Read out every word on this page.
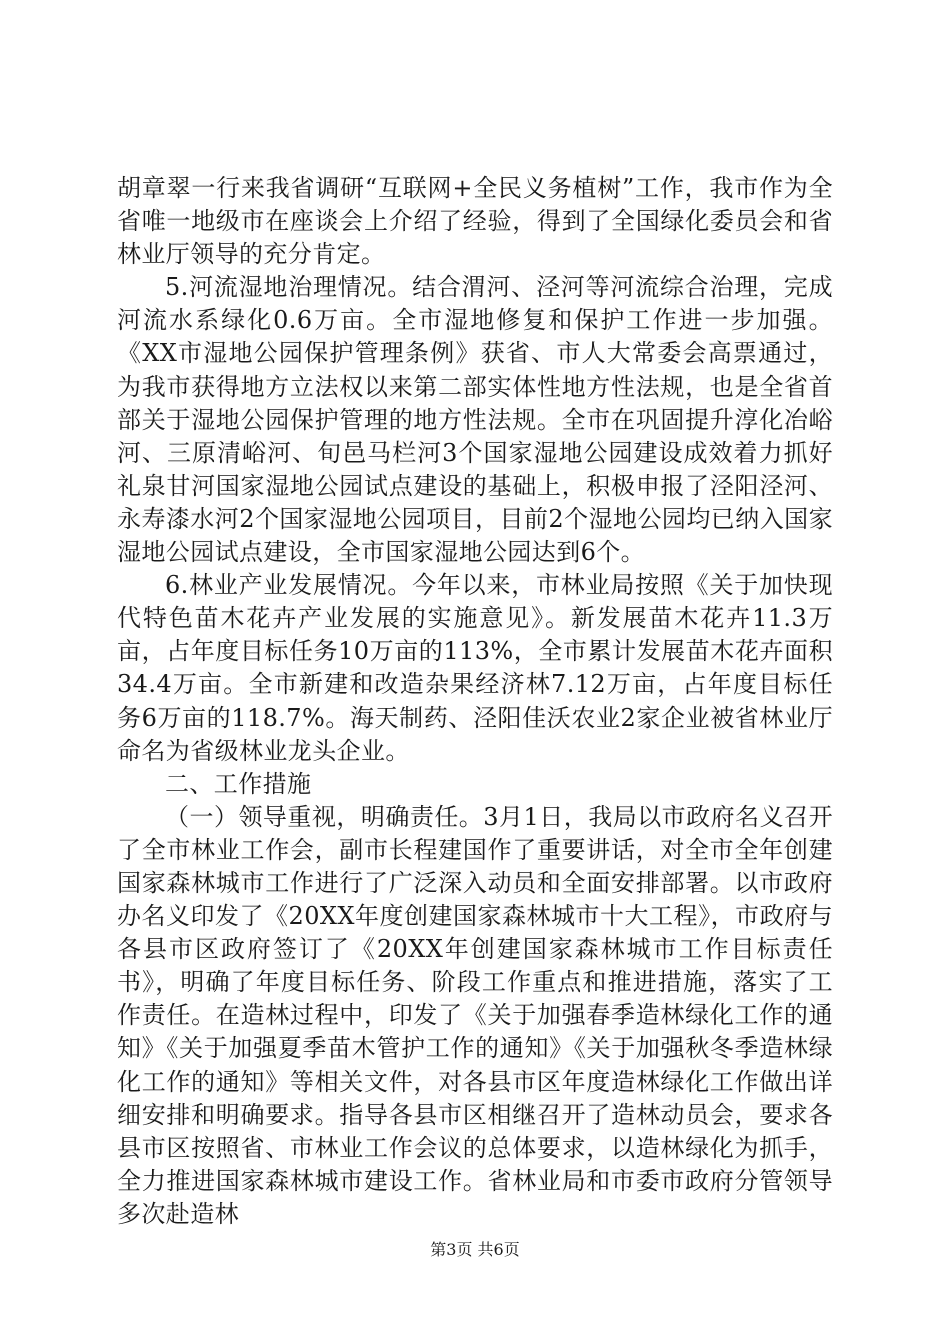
胡章翠一行来我省调研“互联网+全民义务植树”工作，我市作为全省唯一地级市在座谈会上介绍了经验，得到了全国绿化委员会和省林业厅领导的充分肯定。

5.河流湿地治理情况。结合渭河、泾河等河流综合治理，完成河流水系绿化0.6万亩。全市湿地修复和保护工作进一步加强。《XX市湿地公园保护管理条例》获省、市人大常委会高票通过，为我市获得地方立法权以来第二部实体性地方性法规，也是全省首部关于湿地公园保护管理的地方性法规。全市在巩固提升淳化冶峪河、三原清峪河、旬邑马栏河3个国家湿地公园建设成效着力抓好礼泉甘河国家湿地公园试点建设的基础上，积极申报了泾阳泾河、永寿漆水河2个国家湿地公园项目，目前2个湿地公园均已纳入国家湿地公园试点建设，全市国家湿地公园达到6个。

6.林业产业发展情况。今年以来，市林业局按照《关于加快现代特色苗木花卉产业发展的实施意见》。新发展苗木花卉11.3万亩，占年度目标任务10万亩的113%，全市累计发展苗木花卉面积34.4万亩。全市新建和改造杂果经济林7.12万亩，占年度目标任务6万亩的118.7%。海天制药、泾阳佳沃农业2家企业被省林业厅命名为省级林业龙头企业。

二、工作措施

（一）领导重视，明确责任。3月1日，我局以市政府名义召开了全市林业工作会，副市长程建国作了重要讲话，对全市全年创建国家森林城市工作进行了广泛深入动员和全面安排部署。以市政府办名义印发了《20XX年度创建国家森林城市十大工程》，市政府与各县市区政府签订了《20XX年创建国家森林城市工作目标责任书》，明确了年度目标任务、阶段工作重点和推进措施，落实了工作责任。在造林过程中，印发了《关于加强春季造林绿化工作的通知》《关于加强夏季苗木管护工作的通知》《关于加强秋冬季造林绿化工作的通知》等相关文件，对各县市区年度造林绿化工作做出详细安排和明确要求。指导各县市区相继召开了造林动员会，要求各县市区按照省、市林业工作会议的总体要求，以造林绿化为抓手，全力推进国家森林城市建设工作。省林业局和市委市政府分管领导多次赴造林

第3页 共6页
